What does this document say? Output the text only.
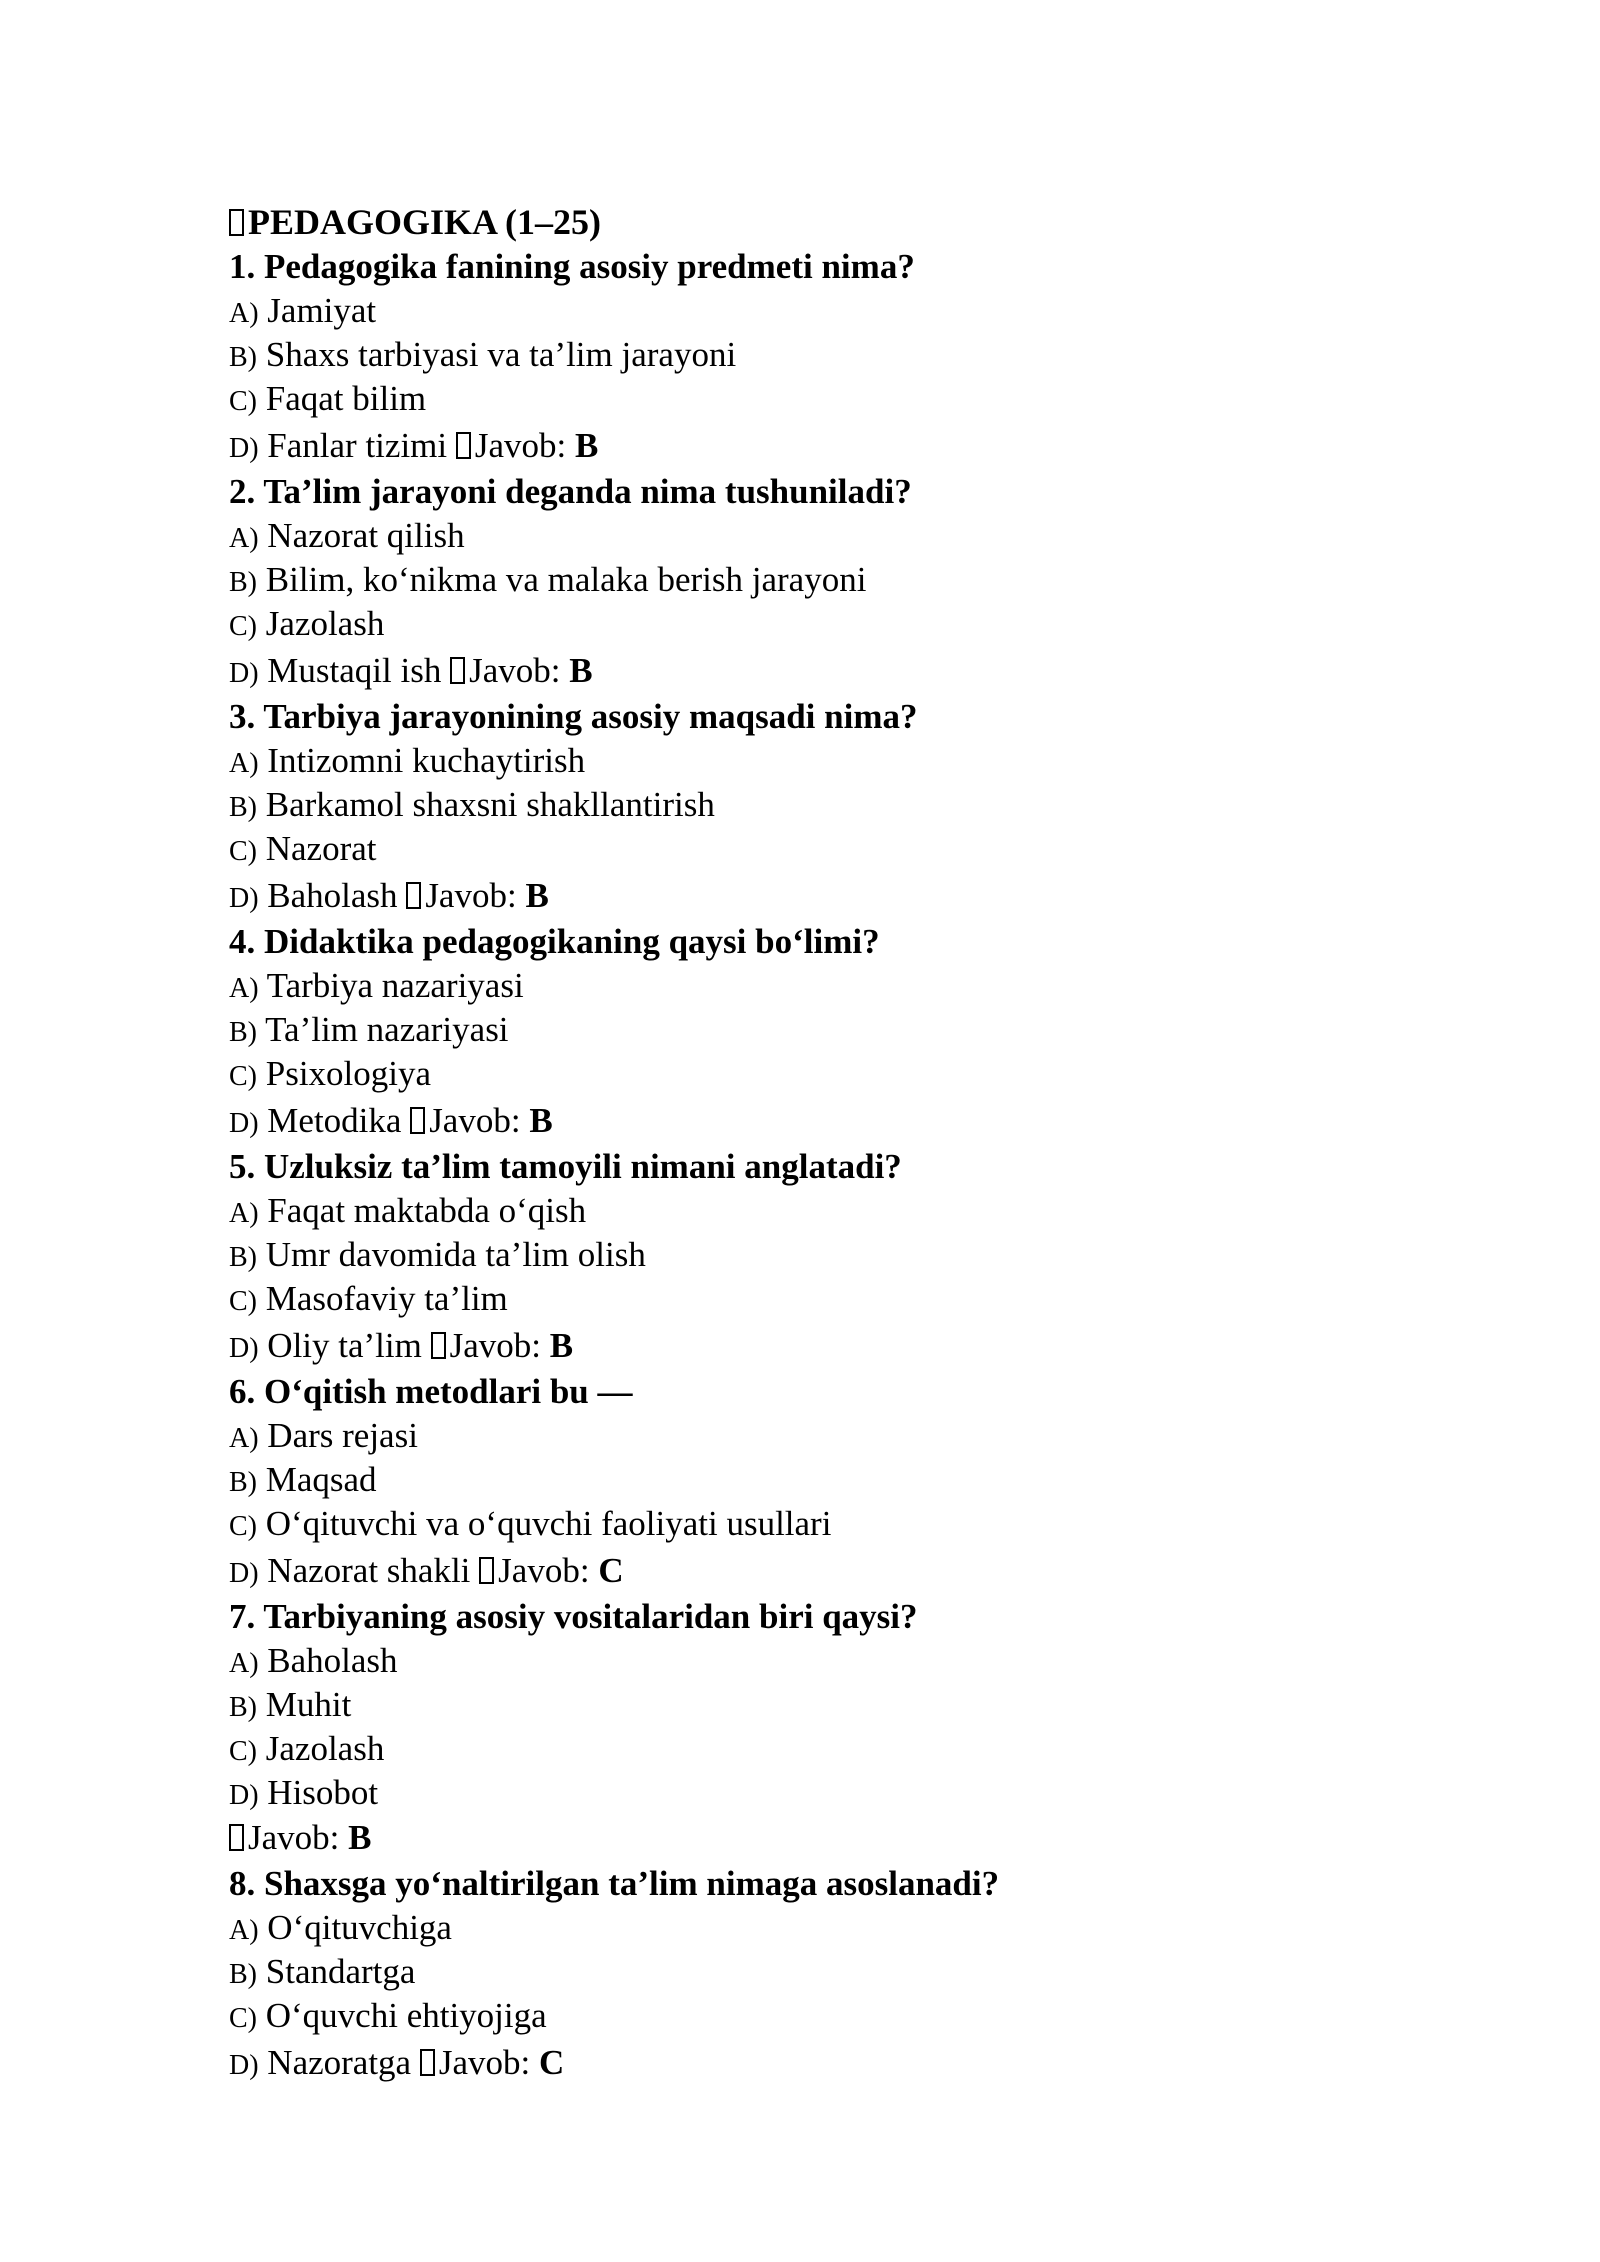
PEDAGOGIKA (1–25)
1. Pedagogika fanining asosiy predmeti nima?
A) Jamiyat
B) Shaxs tarbiyasi va ta’lim jarayoni
C) Faqat bilim
D) Fanlar tizimi Javob: B
2. Ta’lim jarayoni deganda nima tushuniladi?
A) Nazorat qilish
B) Bilim, ko‘nikma va malaka berish jarayoni
C) Jazolash
D) Mustaqil ish Javob: B
3. Tarbiya jarayonining asosiy maqsadi nima?
A) Intizomni kuchaytirish
B) Barkamol shaxsni shakllantirish
C) Nazorat
D) Baholash Javob: B
4. Didaktika pedagogikaning qaysi bo‘limi?
A) Tarbiya nazariyasi
B) Ta’lim nazariyasi
C) Psixologiya
D) Metodika Javob: B
5. Uzluksiz ta’lim tamoyili nimani anglatadi?
A) Faqat maktabda o‘qish
B) Umr davomida ta’lim olish
C) Masofaviy ta’lim
D) Oliy ta’lim Javob: B
6. O‘qitish metodlari bu —
A) Dars rejasi
B) Maqsad
C) O‘qituvchi va o‘quvchi faoliyati usullari
D) Nazorat shakli Javob: C
7. Tarbiyaning asosiy vositalaridan biri qaysi?
A) Baholash
B) Muhit
C) Jazolash
D) Hisobot
Javob: B
8. Shaxsga yo‘naltirilgan ta’lim nimaga asoslanadi?
A) O‘qituvchiga
B) Standartga
C) O‘quvchi ehtiyojiga
D) Nazoratga Javob: C
